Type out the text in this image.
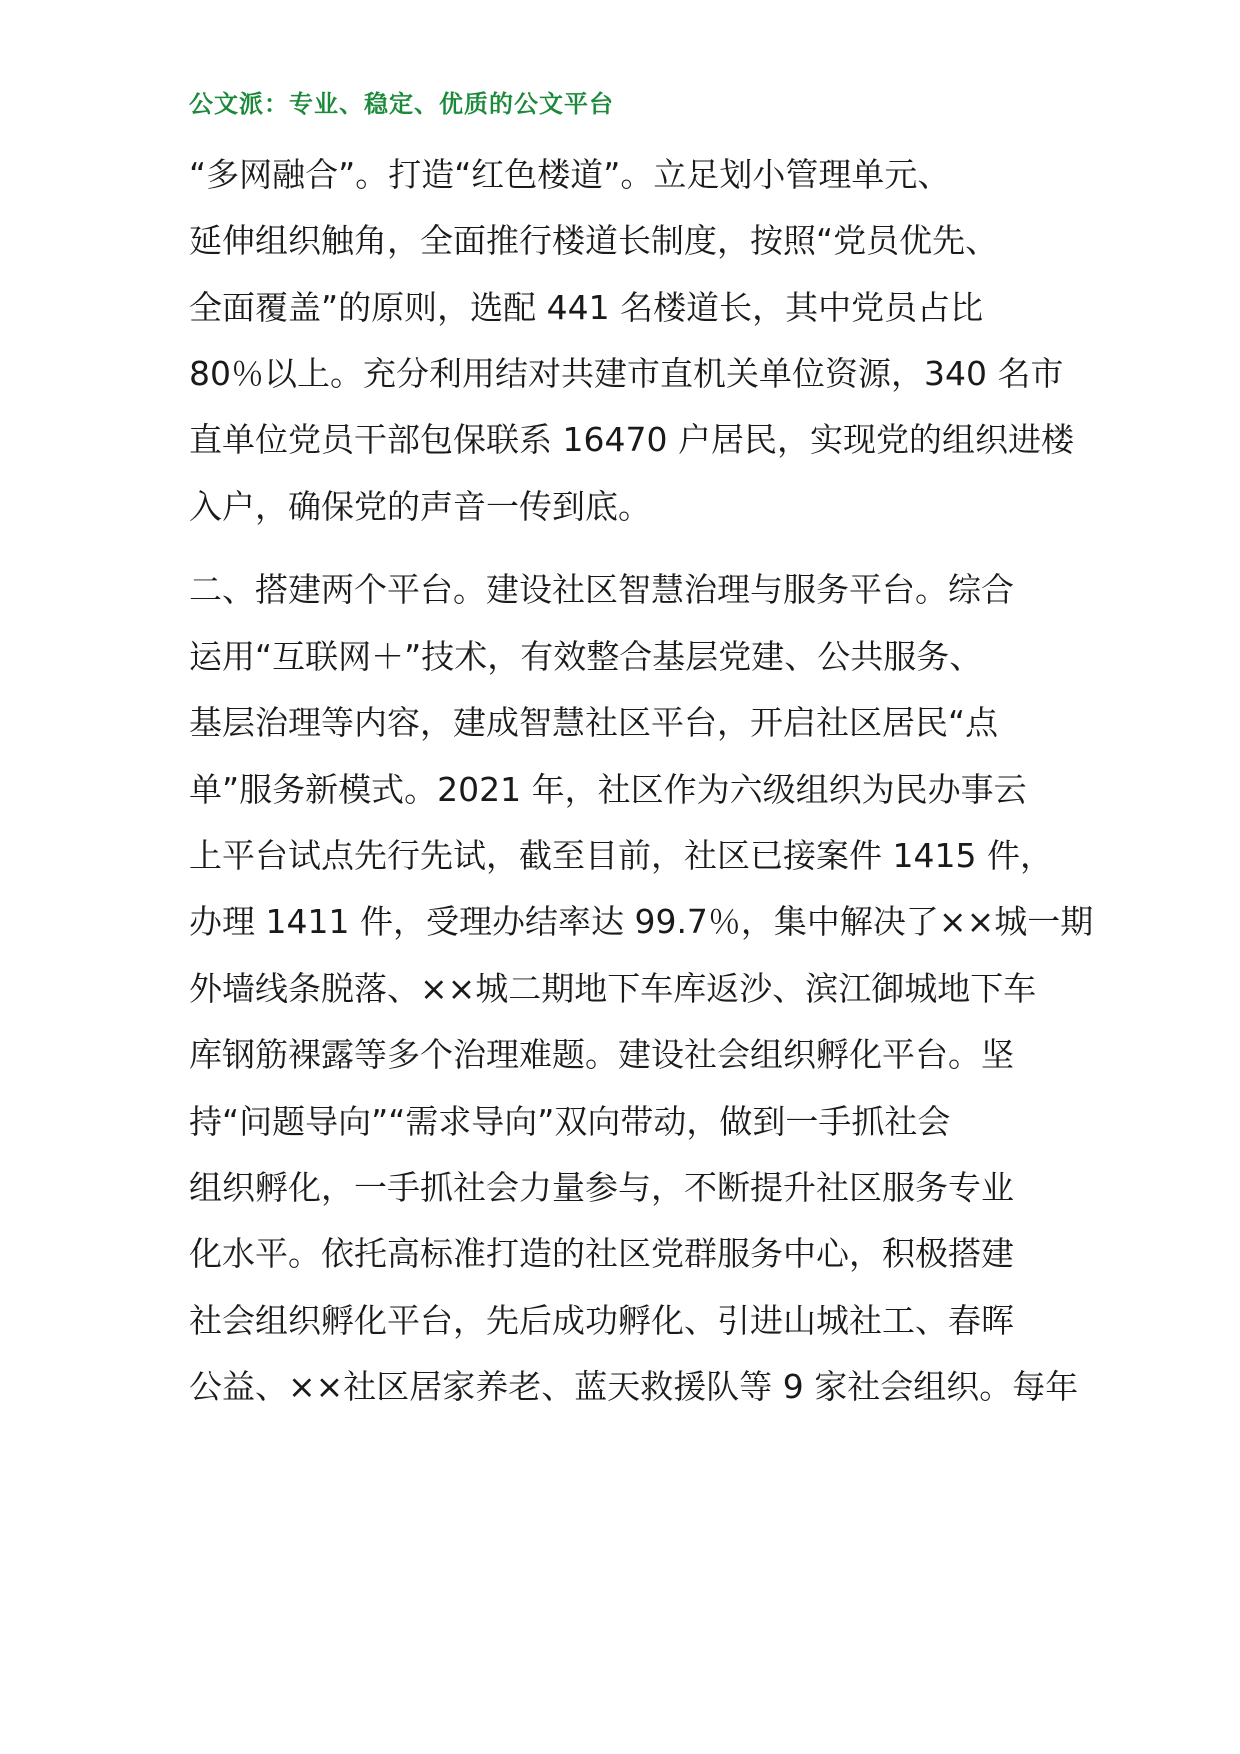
公文派：专业、稳定、优质的公文平台
“多网融合”。打造“红色楼道”。立足划小管理单元、
延伸组织触角，全面推行楼道长制度，按照“党员优先、
全面覆盖”的原则，选配 441 名楼道长，其中党员占比
80％以上。充分利用结对共建市直机关单位资源，340 名市
直单位党员干部包保联系 16470 户居民，实现党的组织进楼
入户，确保党的声音一传到底。
二、搭建两个平台。建设社区智慧治理与服务平台。综合
运用“互联网＋”技术，有效整合基层党建、公共服务、
基层治理等内容，建成智慧社区平台，开启社区居民“点
单”服务新模式。2021 年，社区作为六级组织为民办事云
上平台试点先行先试，截至目前，社区已接案件 1415 件，
办理 1411 件，受理办结率达 99.7％，集中解决了××城一期
外墙线条脱落、××城二期地下车库返沙、滨江御城地下车
库钢筋裸露等多个治理难题。建设社会组织孵化平台。坚
持“问题导向”“需求导向”双向带动，做到一手抓社会
组织孵化，一手抓社会力量参与，不断提升社区服务专业
化水平。依托高标准打造的社区党群服务中心，积极搭建
社会组织孵化平台，先后成功孵化、引进山城社工、春晖
公益、××社区居家养老、蓝天救援队等 9 家社会组织。每年
